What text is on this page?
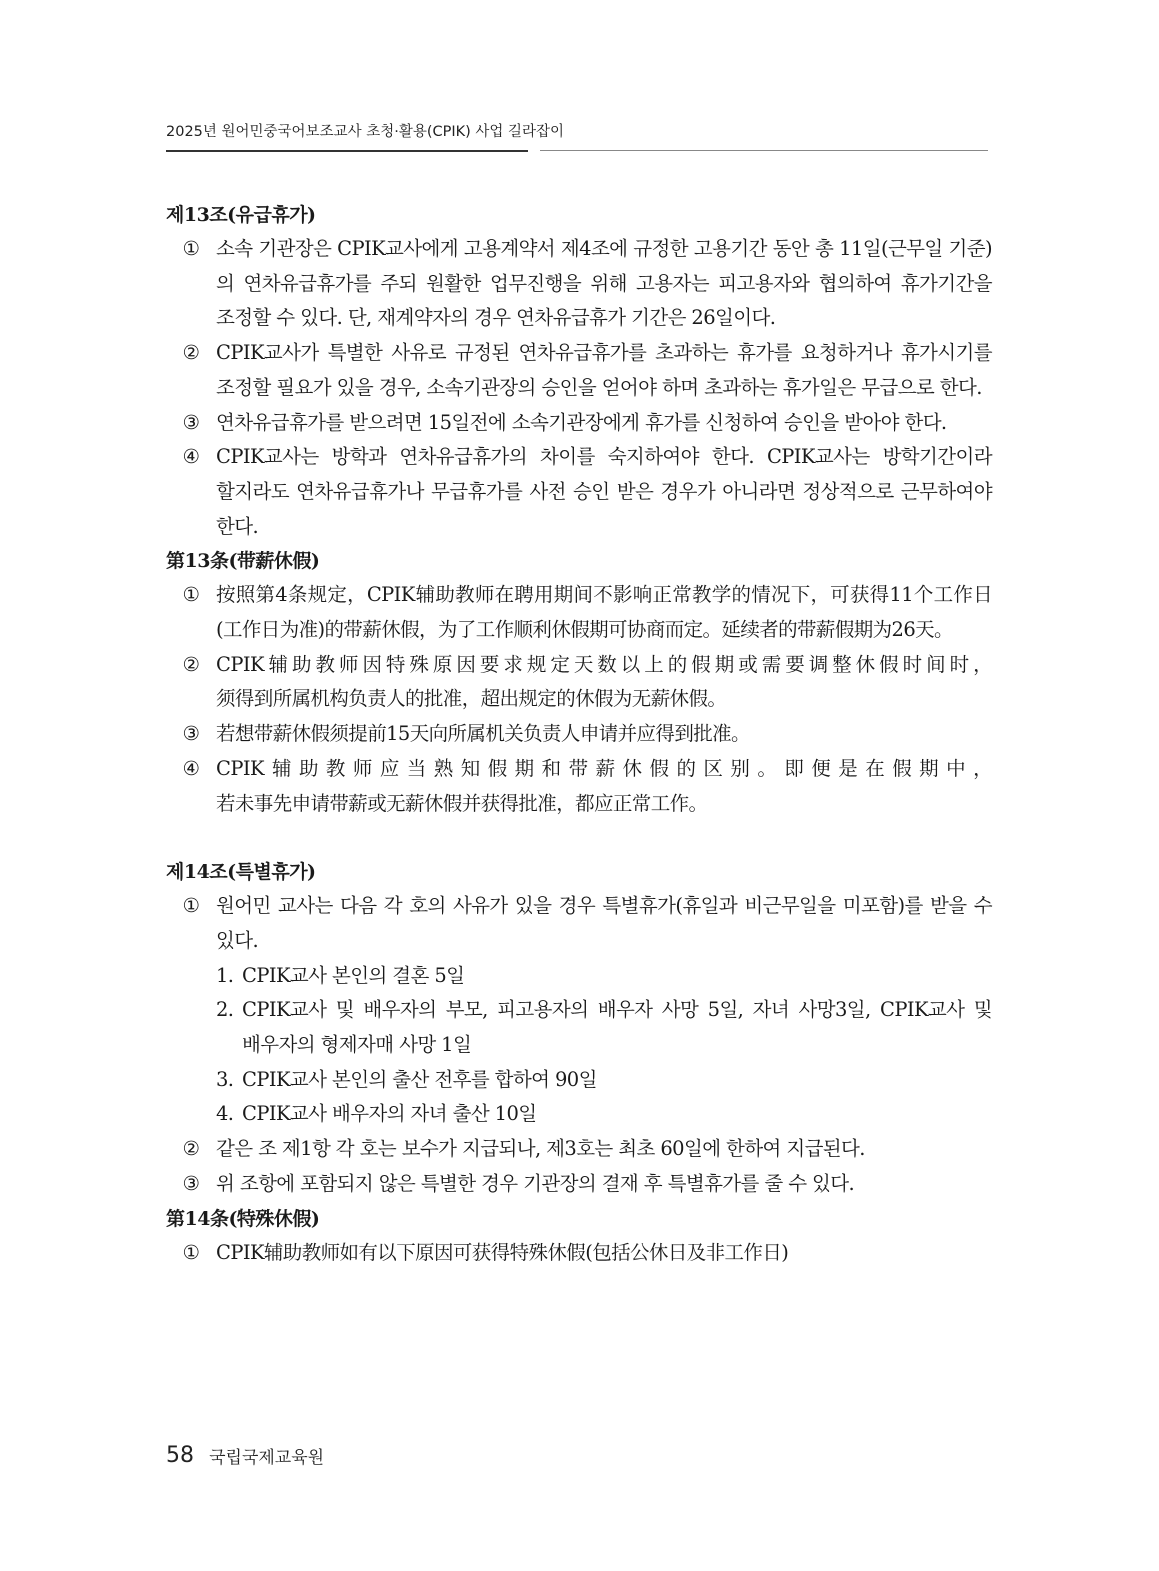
2025년 원어민중국어보조교사 초청·활용(CPIK) 사업 길라잡이
제13조(유급휴가)
① 소속 기관장은 CPIK교사에게 고용계약서 제4조에 규정한 고용기간 동안 총 11일(근무일 기준)의 연차유급휴가를 주되 원활한 업무진행을 위해 고용자는 피고용자와 협의하여 휴가기간을 조정할 수 있다. 단, 재계약자의 경우 연차유급휴가 기간은 26일이다.
② CPIK교사가 특별한 사유로 규정된 연차유급휴가를 초과하는 휴가를 요청하거나 휴가시기를 조정할 필요가 있을 경우, 소속기관장의 승인을 얻어야 하며 초과하는 휴가일은 무급으로 한다.
③ 연차유급휴가를 받으려면 15일전에 소속기관장에게 휴가를 신청하여 승인을 받아야 한다.
④ CPIK교사는 방학과 연차유급휴가의 차이를 숙지하여야 한다. CPIK교사는 방학기간이라 할지라도 연차유급휴가나 무급휴가를 사전 승인 받은 경우가 아니라면 정상적으로 근무하여야 한다.
第13条(带薪休假)
① 按照第4条规定，CPIK辅助教师在聘用期间不影响正常教学的情况下，可获得11个工作日(工作日为准)的带薪休假，为了工作顺利休假期可协商而定。延续者的带薪假期为26天。
② CPIK辅助教师因特殊原因要求规定天数以上的假期或需要调整休假时间时，须得到所属机构负责人的批准，超出规定的休假为无薪休假。
③ 若想带薪休假须提前15天向所属机关负责人申请并应得到批准。
④ CPIK辅助教师应当熟知假期和带薪休假的区别。即便是在假期中，若未事先申请带薪或无薪休假并获得批准，都应正常工作。
제14조(특별휴가)
① 원어민 교사는 다음 각 호의 사유가 있을 경우 특별휴가(휴일과 비근무일을 미포함)를 받을 수 있다.
1. CPIK교사 본인의 결혼 5일
2. CPIK교사 및 배우자의 부모, 피고용자의 배우자 사망 5일, 자녀 사망3일, CPIK교사 및 배우자의 형제자매 사망 1일
3. CPIK교사 본인의 출산 전후를 합하여 90일
4. CPIK교사 배우자의 자녀 출산 10일
② 같은 조 제1항 각 호는 보수가 지급되나, 제3호는 최초 60일에 한하여 지급된다.
③ 위 조항에 포함되지 않은 특별한 경우 기관장의 결재 후 특별휴가를 줄 수 있다.
第14条(特殊休假)
① CPIK辅助教师如有以下原因可获得特殊休假(包括公休日及非工作日)
58 국립국제교육원
